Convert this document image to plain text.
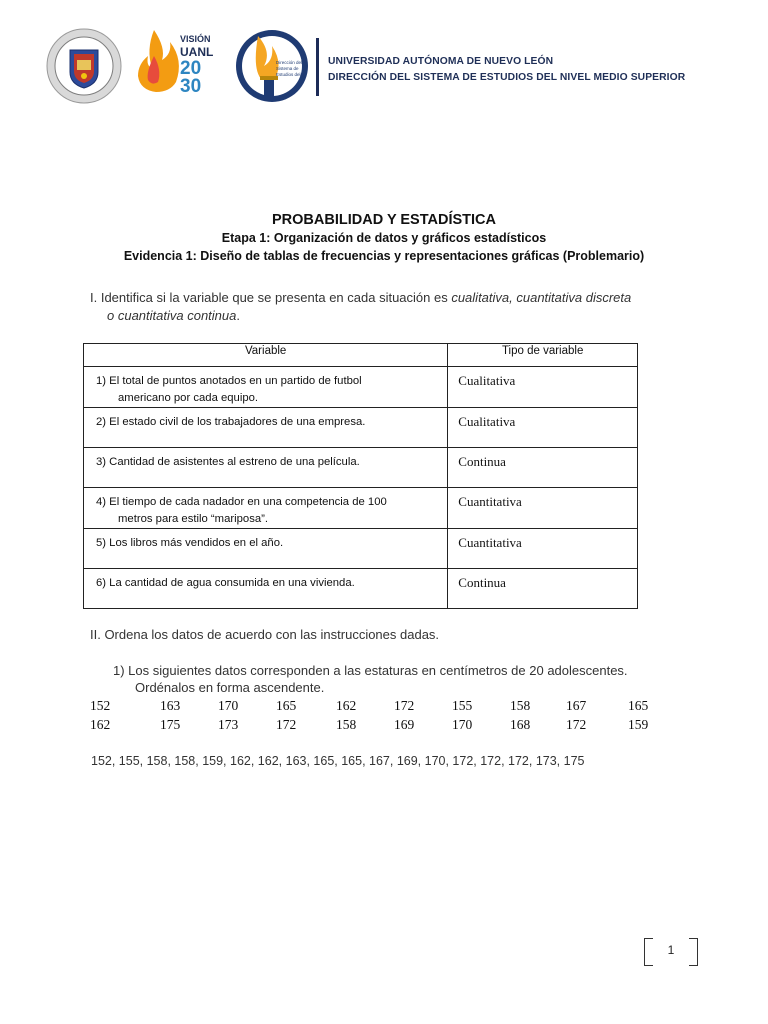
VISIÓN
UANL
20
30
Dirección del
Sistema de
Estudios del
UNIVERSIDAD AUTÓNOMA DE NUEVO LEÓN
DIRECCIÓN DEL SISTEMA DE ESTUDIOS DEL NIVEL MEDIO SUPERIOR
PROBABILIDAD Y ESTADÍSTICA
Etapa 1: Organización de datos y gráficos estadísticos
Evidencia 1: Diseño de tablas de frecuencias y representaciones gráficas (Problemario)
I. Identifica si la variable que se presenta en cada situación es cualitativa, cuantitativa discreta
o cuantitativa continua.
Variable	Tipo de variable

1) El total de puntos anotados en un partido de futbol
americano por cada equipo.	Cualitativa

2) El estado civil de los trabajadores de una empresa.	Cualitativa

3) Cantidad de asistentes al estreno de una película.	Continua

4) El tiempo de cada nadador en una competencia de 100
metros para estilo “mariposa”.	Cuantitativa

5) Los libros más vendidos en el año.	Cuantitativa

6) La cantidad de agua consumida en una vivienda.	Continua
II. Ordena los datos de acuerdo con las instrucciones dadas.
1) Los siguientes datos corresponden a las estaturas en centímetros de 20 adolescentes.
Ordénalos en forma ascendente.
152	163	170	165	162	172	155	158	167	165
162	175	173	172	158	169	170	168	172	159
152, 155, 158, 158, 159, 162, 162, 163, 165, 165, 167, 169, 170, 172, 172, 172, 173, 175
1
